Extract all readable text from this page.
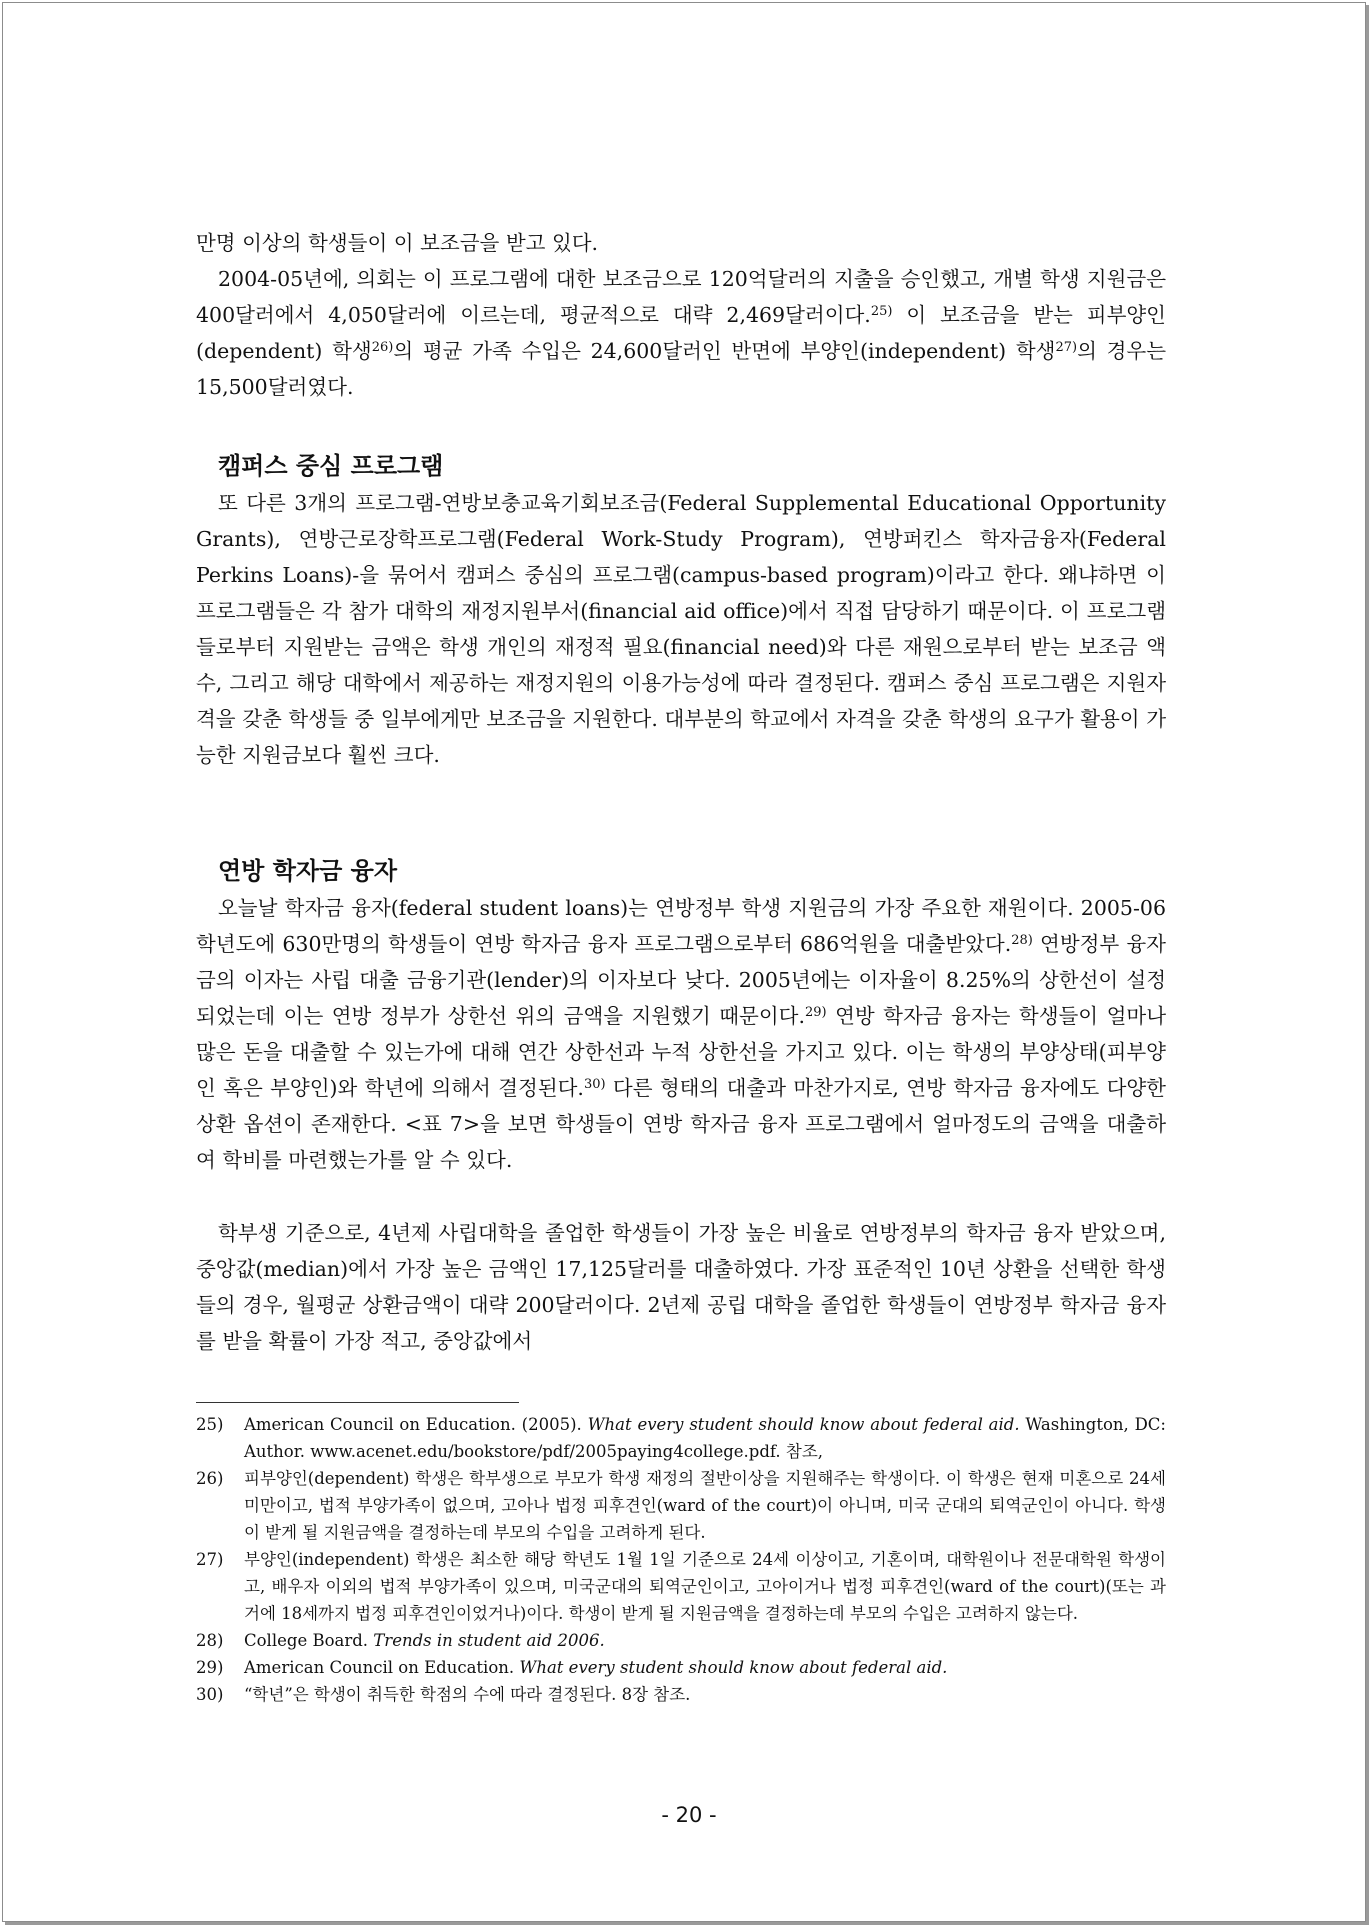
만명 이상의 학생들이 이 보조금을 받고 있다.

2004-05년에, 의회는 이 프로그램에 대한 보조금으로 120억달러의 지출을 승인했고, 개별 학생 지원금은 400달러에서 4,050달러에 이르는데, 평균적으로 대략 2,469달러이다.$^{25)}$ 이 보조금을 받는 피부양인(dependent) 학생$^{26)}$의 평균 가족 수입은 24,600달러인 반면에 부양인(independent) 학생$^{27)}$의 경우는 15,500달러였다.

캠퍼스 중심 프로그램

또 다른 3개의 프로그램-연방보충교육기회보조금(Federal Supplemental Educational Opportunity Grants), 연방근로장학프로그램(Federal Work-Study Program), 연방퍼킨스 학자금융자(Federal Perkins Loans)-을 묶어서 캠퍼스 중심의 프로그램(campus-based program)이라고 한다. 왜냐하면 이 프로그램들은 각 참가 대학의 재정지원부서(financial aid office)에서 직접 담당하기 때문이다. 이 프로그램들로부터 지원받는 금액은 학생 개인의 재정적 필요(financial need)와 다른 재원으로부터 받는 보조금 액수, 그리고 해당 대학에서 제공하는 재정지원의 이용가능성에 따라 결정된다. 캠퍼스 중심 프로그램은 지원자격을 갖춘 학생들 중 일부에게만 보조금을 지원한다. 대부분의 학교에서 자격을 갖춘 학생의 요구가 활용이 가능한 지원금보다 훨씬 크다.

연방 학자금 융자

오늘날 학자금 융자(federal student loans)는 연방정부 학생 지원금의 가장 주요한 재원이다. 2005-06학년도에 630만명의 학생들이 연방 학자금 융자 프로그램으로부터 686억원을 대출받았다.$^{28)}$ 연방정부 융자금의 이자는 사립 대출 금융기관(lender)의 이자보다 낮다. 2005년에는 이자율이 8.25%의 상한선이 설정되었는데 이는 연방 정부가 상한선 위의 금액을 지원했기 때문이다.$^{29)}$ 연방 학자금 융자는 학생들이 얼마나 많은 돈을 대출할 수 있는가에 대해 연간 상한선과 누적 상한선을 가지고 있다. 이는 학생의 부양상태(피부양인 혹은 부양인)와 학년에 의해서 결정된다.$^{30)}$ 다른 형태의 대출과 마찬가지로, 연방 학자금 융자에도 다양한 상환 옵션이 존재한다. <표 7>을 보면 학생들이 연방 학자금 융자 프로그램에서 얼마정도의 금액을 대출하여 학비를 마련했는가를 알 수 있다.

학부생 기준으로, 4년제 사립대학을 졸업한 학생들이 가장 높은 비율로 연방정부의 학자금 융자 받았으며, 중앙값(median)에서 가장 높은 금액인 17,125달러를 대출하였다. 가장 표준적인 10년 상환을 선택한 학생들의 경우, 월평균 상환금액이 대략 200달러이다. 2년제 공립 대학을 졸업한 학생들이 연방정부 학자금 융자를 받을 확률이 가장 적고, 중앙값에서

25)	American Council on Education. (2005). What every student should know about federal aid. Washington, DC: Author. www.acenet.edu/bookstore/pdf/2005paying4college.pdf. 참조,
26)	피부양인(dependent) 학생은 학부생으로 부모가 학생 재정의 절반이상을 지원해주는 학생이다. 이 학생은 현재 미혼으로 24세 미만이고, 법적 부양가족이 없으며, 고아나 법정 피후견인(ward of the court)이 아니며, 미국 군대의 퇴역군인이 아니다. 학생이 받게 될 지원금액을 결정하는데 부모의 수입을 고려하게 된다.
27)	부양인(independent) 학생은 최소한 해당 학년도 1월 1일 기준으로 24세 이상이고, 기혼이며, 대학원이나 전문대학원 학생이고, 배우자 이외의 법적 부양가족이 있으며, 미국군대의 퇴역군인이고, 고아이거나 법정 피후견인(ward of the court)(또는 과거에 18세까지 법정 피후견인이었거나)이다. 학생이 받게 될 지원금액을 결정하는데 부모의 수입은 고려하지 않는다.
28)	College Board. Trends in student aid 2006.
29)	American Council on Education. What every student should know about federal aid.
30)	“학년”은 학생이 취득한 학점의 수에 따라 결정된다. 8장 참조.
- 20 -
